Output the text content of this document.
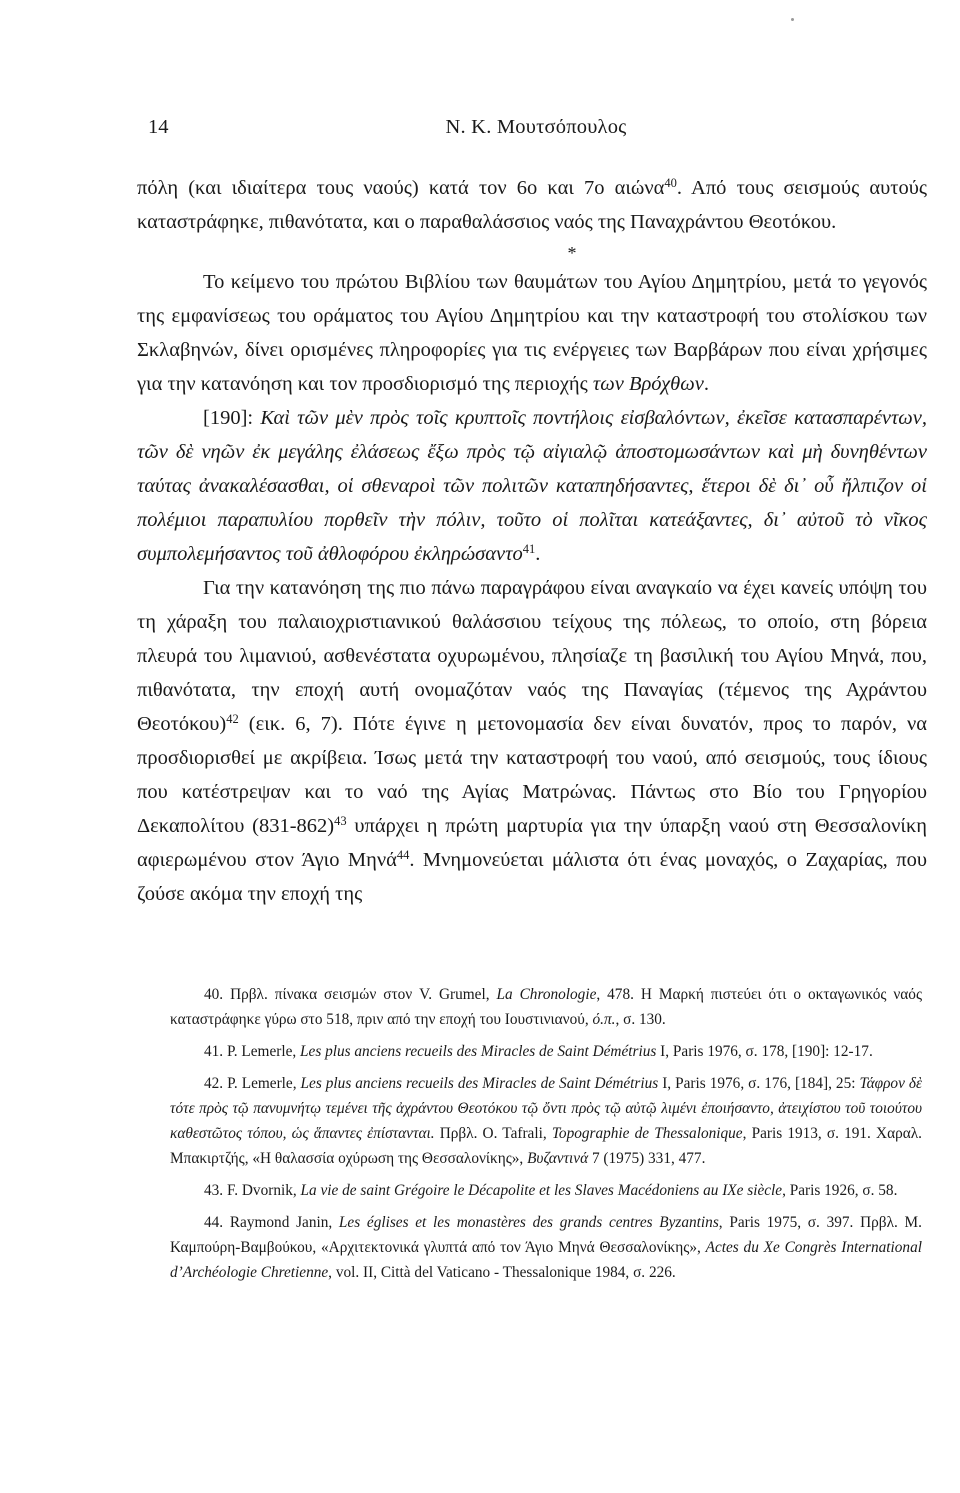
14	Ν. Κ. Μουτσόπουλος

πόλη (και ιδιαίτερα τους ναούς) κατά τον 6ο και 7ο αιώνα$^{40}$. Από τους σεισμούς αυτούς καταστράφηκε, πιθανότατα, και ο παραθαλάσσιος ναός της Παναχράντου Θεοτόκου.

*

Το κείμενο του πρώτου Βιβλίου των θαυμάτων του Αγίου Δημητρίου, μετά το γεγονός της εμφανίσεως του οράματος του Αγίου Δημητρίου και την καταστροφή του στολίσκου των Σκλαβηνών, δίνει ορισμένες πληροφορίες για τις ενέργειες των Βαρβάρων που είναι χρήσιμες για την κατανόηση και τον προσδιορισμό της περιοχής των Βρόχθων.

[190]: Καὶ τῶν μὲν πρὸς τοῖς κρυπτοῖς ποντήλοις εἰσβαλόντων, ἐκεῖσε κατασπαρέντων, τῶν δὲ νηῶν ἐκ μεγάλης ἐλάσεως ἔξω πρὸς τῷ αἰγιαλῷ ἀποστομωσάντων καὶ μὴ δυνηθέντων ταύτας ἀνακαλέσασθαι, οἱ σθεναροὶ τῶν πολιτῶν καταπηδήσαντες, ἕτεροι δὲ δι᾽ οὗ ἤλπιζον οἱ πολέμιοι παραπυλίου πορθεῖν τὴν πόλιν, τοῦτο οἱ πολῖται κατεάξαντες, δι᾽ αὐτοῦ τὸ νῖκος συμπολεμήσαντος τοῦ ἀθλοφόρου ἐκληρώσαντο$^{41}$.

Για την κατανόηση της πιο πάνω παραγράφου είναι αναγκαίο να έχει κανείς υπόψη του τη χάραξη του παλαιοχριστιανικού θαλάσσιου τείχους της πόλεως, το οποίο, στη βόρεια πλευρά του λιμανιού, ασθενέστατα οχυρωμένου, πλησίαζε τη βασιλική του Αγίου Μηνά, που, πιθανότατα, την εποχή αυτή ονομαζόταν ναός της Παναγίας (τέμενος της Αχράντου Θεοτόκου)$^{42}$ (εικ. 6, 7). Πότε έγινε η μετονομασία δεν είναι δυνατόν, προς το παρόν, να προσδιορισθεί με ακρίβεια. Ίσως μετά την καταστροφή του ναού, από σεισμούς, τους ίδιους που κατέστρεψαν και το ναό της Αγίας Ματρώνας. Πάντως στο Βίο του Γρηγορίου Δεκαπολίτου $(831-862)^{43}$ υπάρχει η πρώτη μαρτυρία για την ύπαρξη ναού στη Θεσσαλονίκη αφιερωμένου στον Άγιο Μηνά$^{44}$. Μνημονεύεται μάλιστα ότι ένας μοναχός, ο Ζαχαρίας, που ζούσε ακόμα την εποχή της

40. Πρβλ. πίνακα σεισμών στον V. Grumel, La Chronologie, 478. Η Μαρκή πιστεύει ότι ο οκταγωνικός ναός καταστράφηκε γύρω στο 518, πριν από την εποχή του Ιουστινιανού, ό.π., σ. 130.

41. P. Lemerle, Les plus anciens recueils des Miracles de Saint Démétrius I, Paris 1976, σ. 178, [190]: 12-17.

42. P. Lemerle, Les plus anciens recueils des Miracles de Saint Démétrius I, Paris 1976, σ. 176, [184], 25: Τάφρον δὲ τότε πρὸς τῷ πανυμνήτῳ τεμένει τῆς ἀχράντου Θεοτόκου τῷ ὄντι πρὸς τῷ αὐτῷ λιμένι ἐποιήσαντο, ἀτειχίστου τοῦ τοιούτου καθεστῶτος τόπου, ὡς ἅπαντες ἐπίστανται. Πρβλ. O. Tafrali, Topographie de Thessalonique, Paris 1913, σ. 191. Χαραλ. Μπακιρτζής, «Η θαλασσία οχύρωση της Θεσσαλονίκης», Βυζαντινά 7 (1975) 331, 477.

43. F. Dvornik, La vie de saint Grégoire le Décapolite et les Slaves Macédoniens au IXe siècle, Paris 1926, σ. 58.

44. Raymond Janin, Les églises et les monastères des grands centres Byzantins, Paris 1975, σ. 397. Πρβλ. Μ. Καμπούρη-Βαμβούκου, «Αρχιτεκτονικά γλυπτά από τον Άγιο Μηνά Θεσσαλονίκης», Actes du Xe Congrès International d’Archéologie Chretienne, vol. II, Città del Vaticano - Thessalonique 1984, σ. 226.
